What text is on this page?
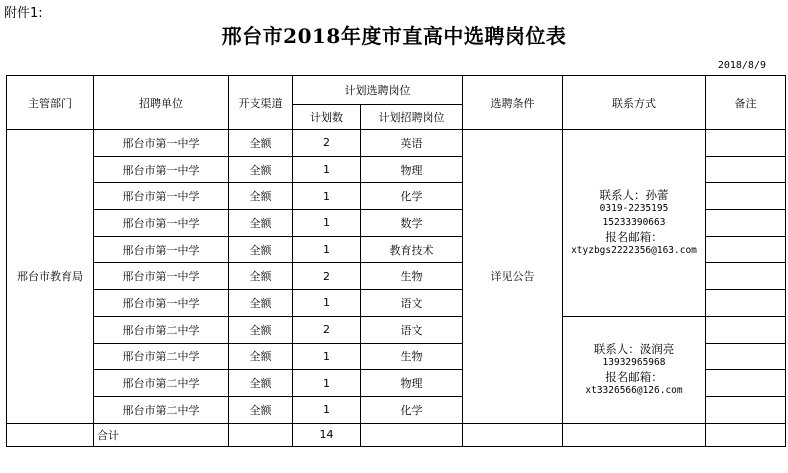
附件1:
邢台市2018年度市直高中选聘岗位表
2018/8/9
主管部门	招聘单位	开支渠道	计划选聘岗位		选聘条件	联系方式	备注
			计划数	计划招聘岗位			
邢台市教育局	邢台市第一中学	全额	2	英语	详见公告	联系人：孙蕾
0319-2235195
15233390663
报名邮箱：
xtyzbgs2222356@163.com	

	邢台市第一中学	全额	1	物理			
	邢台市第一中学	全额	1	化学			
	邢台市第一中学	全额	1	数学			
	邢台市第一中学	全额	1	教育技术			
	邢台市第一中学	全额	2	生物			
	邢台市第一中学	全额	1	语文			
	邢台市第二中学	全额	2	语文		联系人：汲润亮
13932965968
报名邮箱：
xt3326566@126.com	

	邢台市第二中学	全额	1	生物			
	邢台市第二中学	全额	1	物理			
	邢台市第二中学	全额	1	化学			
	合计		14				
